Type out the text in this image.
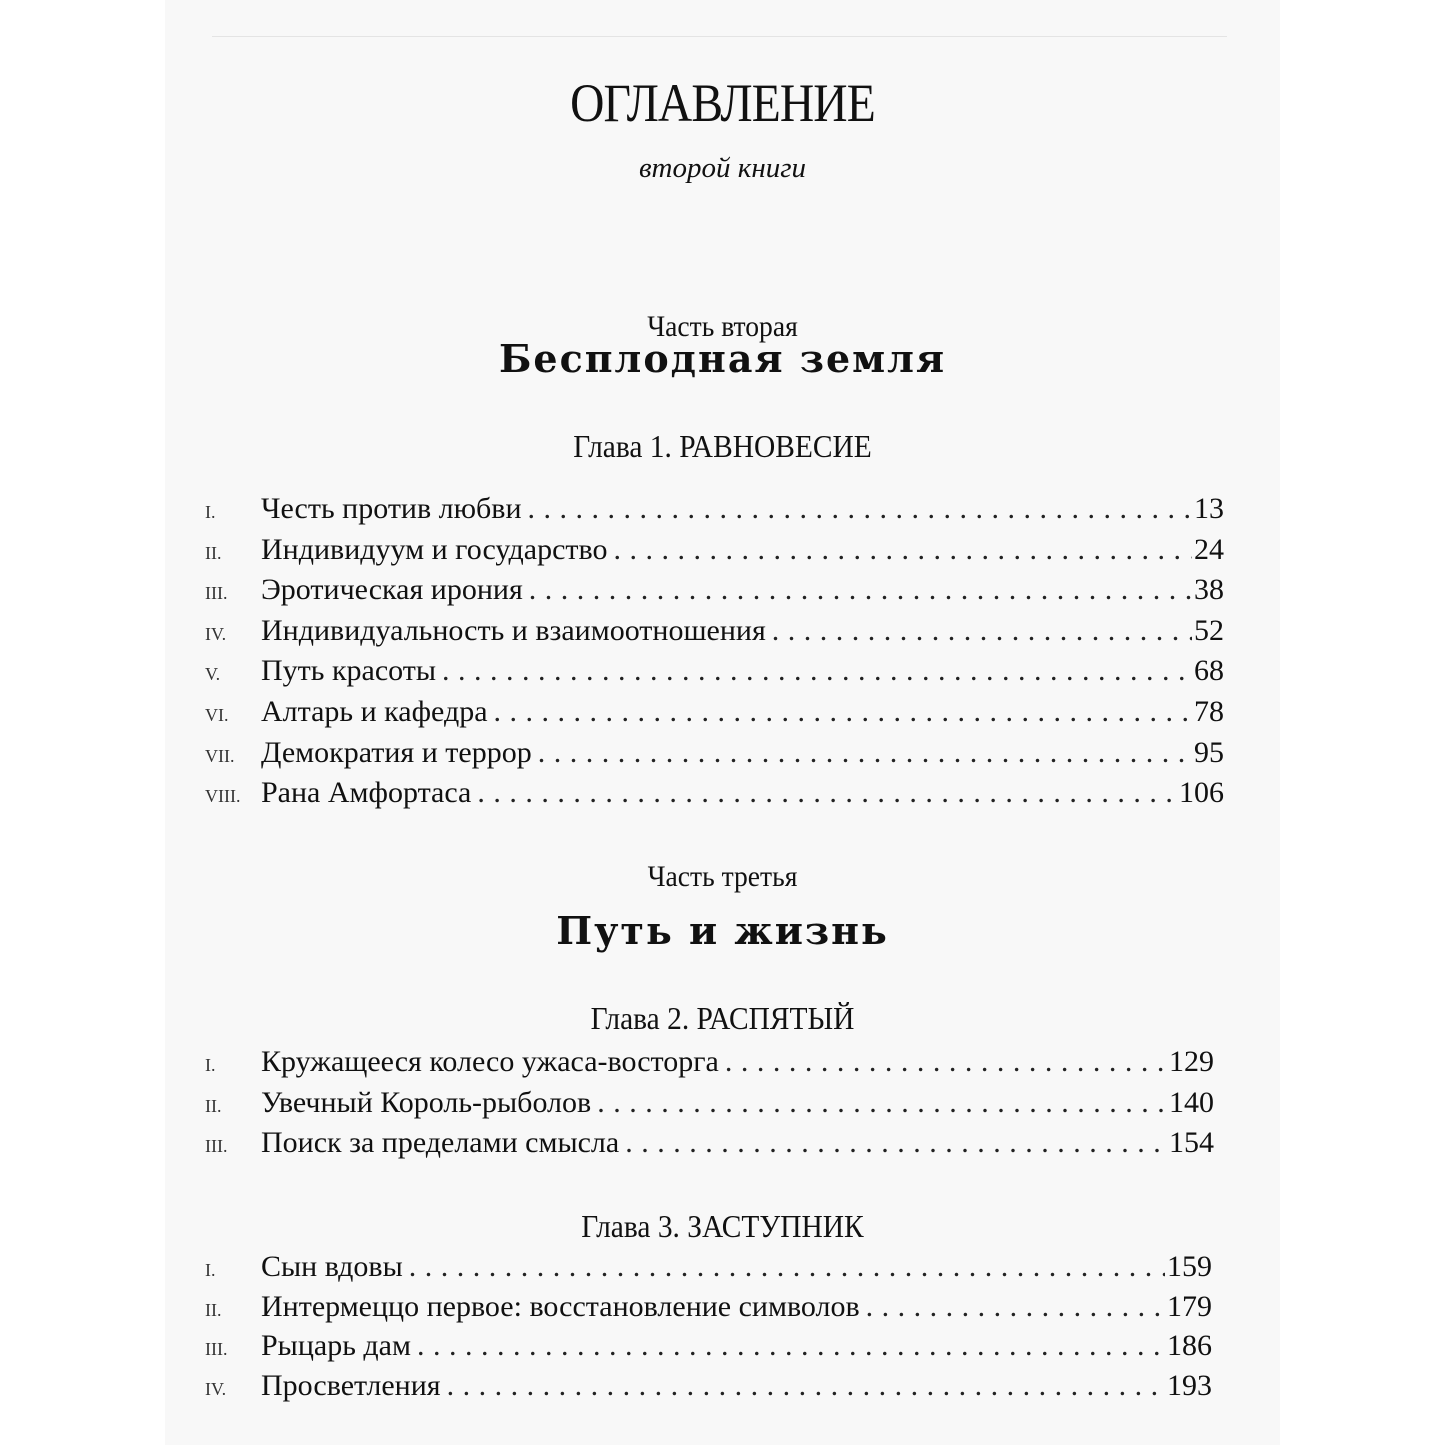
ОГЛАВЛЕНИЕ
второй книги
Часть вторая
Бесплодная земля
Глава 1. РАВНОВЕСИЕ
I.	Честь против любви . . .	13
II.	Индивидуум и государство . . .	24
III.	Эротическая ирония . . .	38
IV.	Индивидуальность и взаимоотношения . . .	52
V.	Путь красоты . . .	68
VI.	Алтарь и кафедра . . .	78
VII. Демократия и террор . . .	95
VIII. Рана Амфортаса . . .	106
Часть третья
Путь и жизнь
Глава 2. РАСПЯТЫЙ
I.	Кружащееся колесо ужаса-восторга . . .	129
II.	Увечный Король-рыболов . . .	140
III.	Поиск за пределами смысла . . .	154
Глава 3. ЗАСТУПНИК
I.	Сын вдовы . . .	159
II.	Интермеццо первое: восстановление символов . . .	179
III.	Рыцарь дам . . .	186
IV.	Просветления . . .	193
